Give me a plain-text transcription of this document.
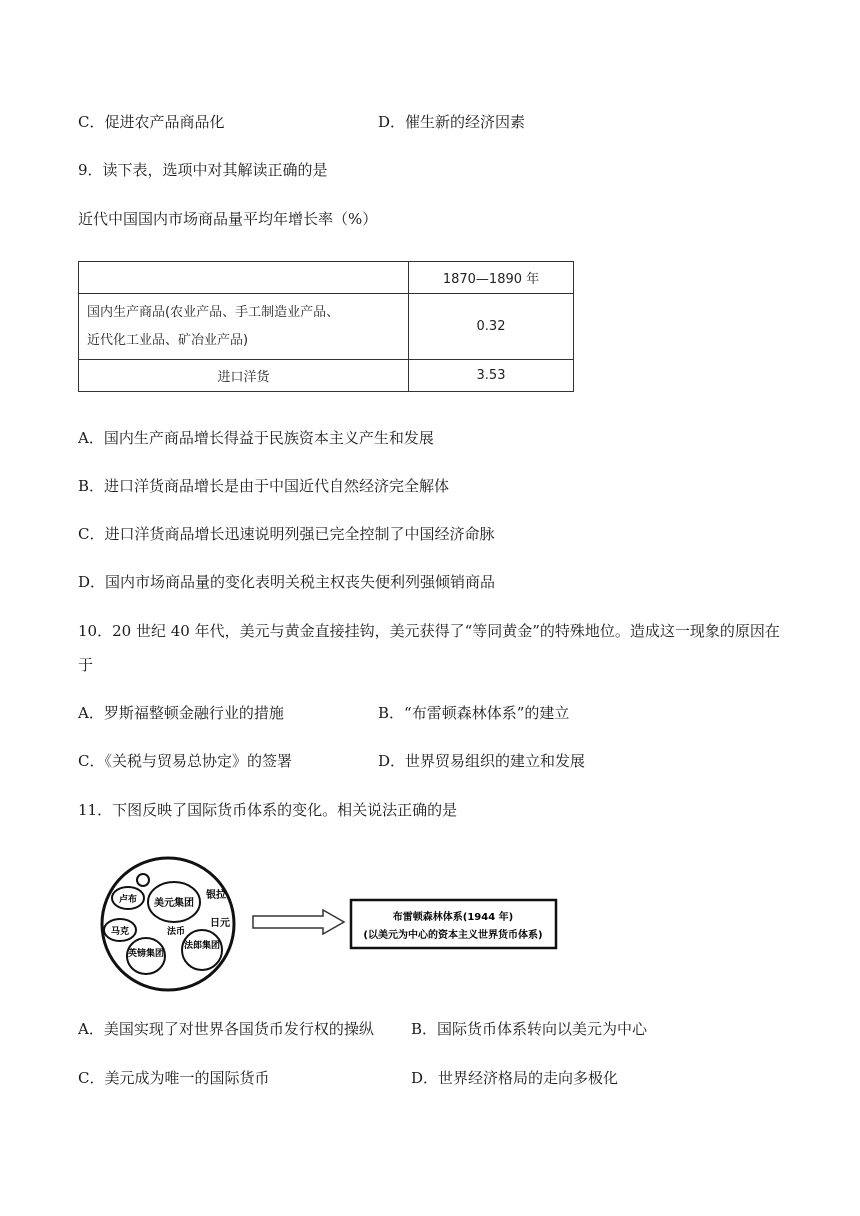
C．促进农产品商品化	D．催生新的经济因素
9．读下表，选项中对其解读正确的是
近代中国国内市场商品量平均年增长率（%）
	1870—1890 年

国内生产商品(农业产品、手工制造业产品、
近代化工业品、矿冶业产品)	0.32
进口洋货	3.53
A．国内生产商品增长得益于民族资本主义产生和发展
B．进口洋货商品增长是由于中国近代自然经济完全解体
C．进口洋货商品增长迅速说明列强已完全控制了中国经济命脉
D．国内市场商品量的变化表明关税主权丧失便利列强倾销商品
10．20 世纪 40 年代，美元与黄金直接挂钩，美元获得了“等同黄金”的特殊地位。造成这一现象的原因在
于
A．罗斯福整顿金融行业的措施	B．“布雷顿森林体系”的建立
C．《关税与贸易总协定》的签署	D．世界贸易组织的建立和发展
11．下图反映了国际货币体系的变化。相关说法正确的是
卢布 美元集团
银拉
马克
日元
法郎集团
英镑集团
法币
布雷顿森林体系(1944 年)
(以美元为中心的资本主义世界货币体系)
A．美国实现了对世界各国货币发行权的操纵 B．国际货币体系转向以美元为中心
C．美元成为唯一的国际货币	D．世界经济格局的走向多极化
